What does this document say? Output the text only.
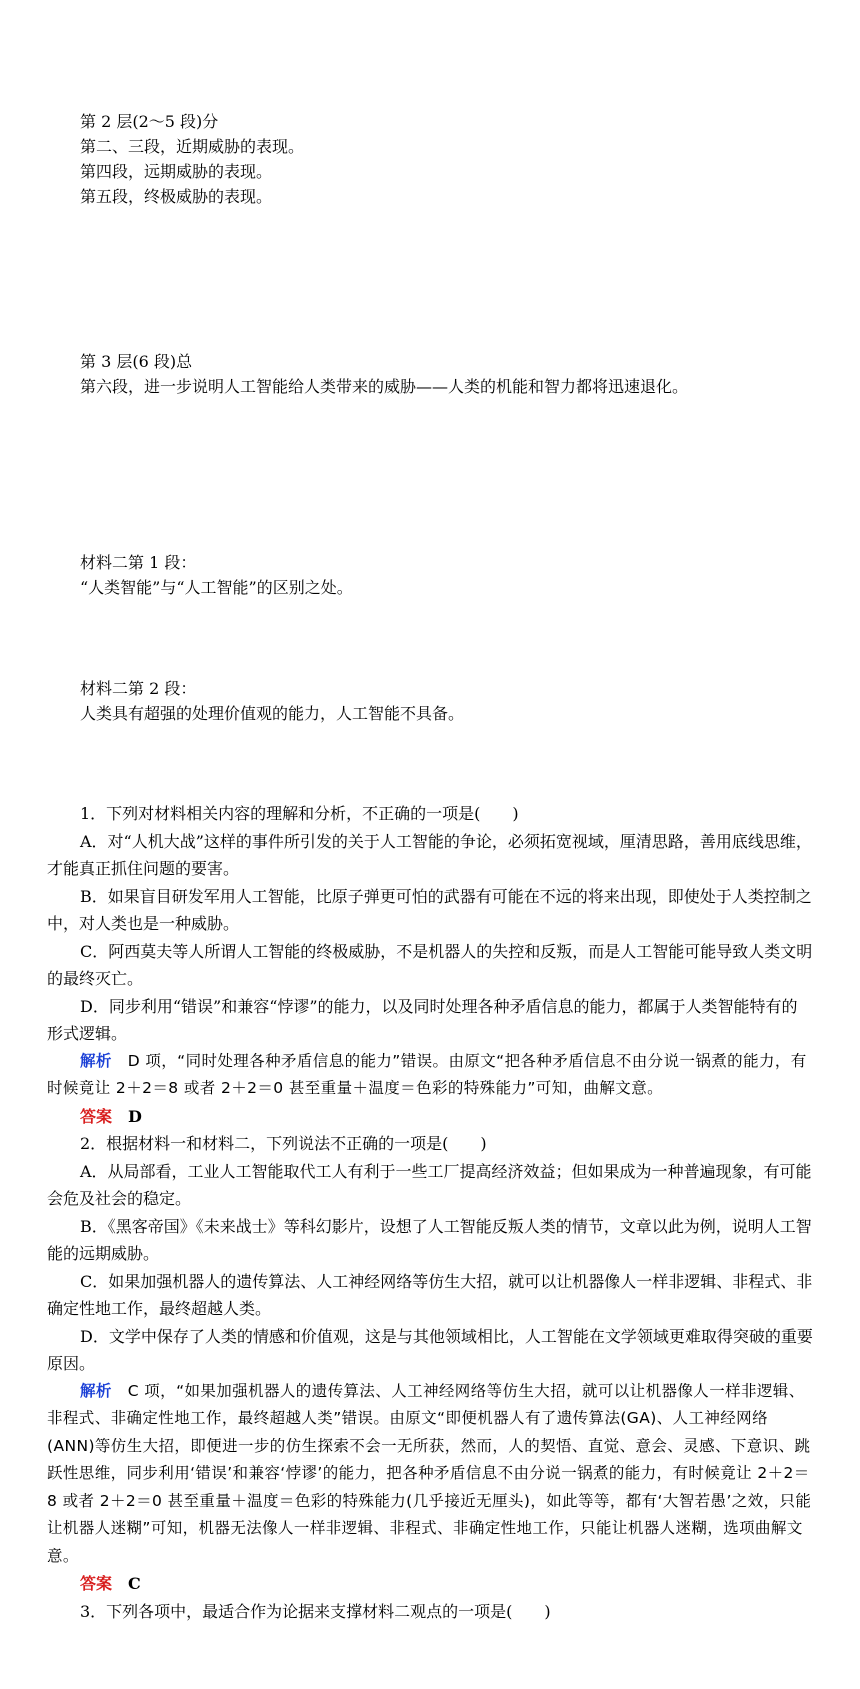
第 2 层(2～5 段)分
第二、三段，近期威胁的表现。
第四段，远期威胁的表现。
第五段，终极威胁的表现。
第 3 层(6 段)总
第六段，进一步说明人工智能给人类带来的威胁——人类的机能和智力都将迅速退化。
材料二第 1 段：
“人类智能”与“人工智能”的区别之处。
材料二第 2 段：
人类具有超强的处理价值观的能力，人工智能不具备。

1．下列对材料相关内容的理解和分析，不正确的一项是(　　)

A．对“人机大战”这样的事件所引发的关于人工智能的争论，必须拓宽视域，厘清思路，善用底线思维，才能真正抓住问题的要害。

B．如果盲目研发军用人工智能，比原子弹更可怕的武器有可能在不远的将来出现，即使处于人类控制之中，对人类也是一种威胁。

C．阿西莫夫等人所谓人工智能的终极威胁，不是机器人的失控和反叛，而是人工智能可能导致人类文明的最终灭亡。

D．同步利用“错误”和兼容“悖谬”的能力，以及同时处理各种矛盾信息的能力，都属于人类智能特有的形式逻辑。

解析　 D 项，“同时处理各种矛盾信息的能力”错误。由原文“把各种矛盾信息不由分说一锅煮的能力，有时候竟让 2＋2＝8 或者 2＋2＝0 甚至重量＋温度＝色彩的特殊能力”可知，曲解文意。

答案　 D

2．根据材料一和材料二，下列说法不正确的一项是(　　)

A．从局部看，工业人工智能取代工人有利于一些工厂提高经济效益；但如果成为一种普遍现象，有可能会危及社会的稳定。

B．《黑客帝国》《未来战士》等科幻影片，设想了人工智能反叛人类的情节，文章以此为例，说明人工智能的远期威胁。

C．如果加强机器人的遗传算法、人工神经网络等仿生大招，就可以让机器像人一样非逻辑、非程式、非确定性地工作，最终超越人类。

D．文学中保存了人类的情感和价值观，这是与其他领域相比，人工智能在文学领域更难取得突破的重要原因。

解析　 C 项，“如果加强机器人的遗传算法、人工神经网络等仿生大招，就可以让机器像人一样非逻辑、非程式、非确定性地工作，最终超越人类”错误。由原文“即便机器人有了遗传算法(GA)、人工神经网络(ANN)等仿生大招，即便进一步的仿生探索不会一无所获，然而，人的契悟、直觉、意会、灵感、下意识、跳跃性思维，同步利用‘错误’和兼容‘悖谬’的能力，把各种矛盾信息不由分说一锅煮的能力，有时候竟让 2＋2＝8 或者 2＋2＝0 甚至重量＋温度＝色彩的特殊能力(几乎接近无厘头)，如此等等，都有‘大智若愚’之效，只能让机器人迷糊”可知，机器无法像人一样非逻辑、非程式、非确定性地工作，只能让机器人迷糊，选项曲解文意。

答案　 C

3．下列各项中，最适合作为论据来支撑材料二观点的一项是(　　)
